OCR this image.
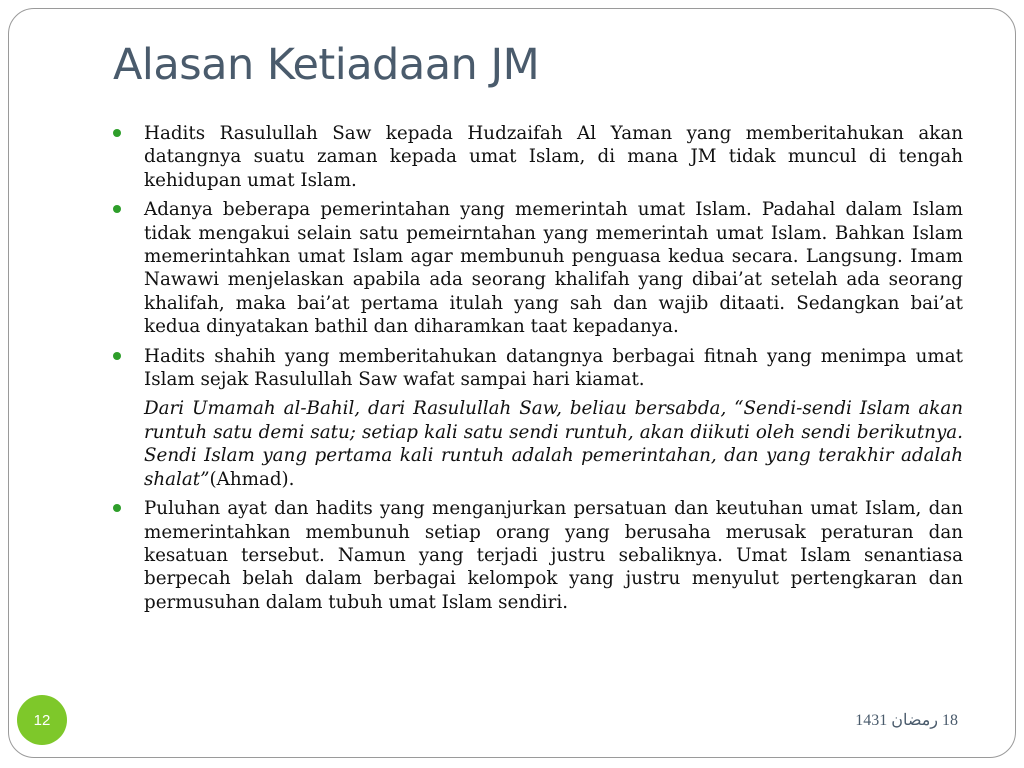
Alasan Ketiadaan JM
Hadits Rasulullah Saw kepada Hudzaifah Al Yaman yang memberitahukan akan datangnya suatu zaman kepada umat Islam, di mana JM tidak muncul di tengah kehidupan umat Islam.
Adanya beberapa pemerintahan yang memerintah umat Islam. Padahal dalam Islam tidak mengakui selain satu pemeirntahan yang memerintah umat Islam. Bahkan Islam memerintahkan umat Islam agar membunuh penguasa kedua secara. Langsung. Imam Nawawi menjelaskan apabila ada seorang khalifah yang dibai’at setelah ada seorang khalifah, maka bai’at pertama itulah yang sah dan wajib ditaati. Sedangkan bai’at kedua dinyatakan bathil dan diharamkan taat kepadanya.
Hadits shahih yang memberitahukan datangnya berbagai fitnah yang menimpa umat Islam sejak Rasulullah Saw wafat sampai hari kiamat.
Dari Umamah al-Bahil, dari Rasulullah Saw, beliau bersabda, “Sendi-sendi Islam akan runtuh satu demi satu; setiap kali satu sendi runtuh, akan diikuti oleh sendi berikutnya. Sendi Islam yang pertama kali runtuh adalah pemerintahan, dan yang terakhir adalah shalat”(Ahmad).
Puluhan ayat dan hadits yang menganjurkan persatuan dan keutuhan umat Islam, dan memerintahkan membunuh setiap orang yang berusaha merusak peraturan dan kesatuan tersebut. Namun yang terjadi justru sebaliknya. Umat Islam senantiasa berpecah belah dalam berbagai kelompok yang justru menyulut pertengkaran dan permusuhan dalam tubuh umat Islam sendiri.
12	18 رمضان 1431
